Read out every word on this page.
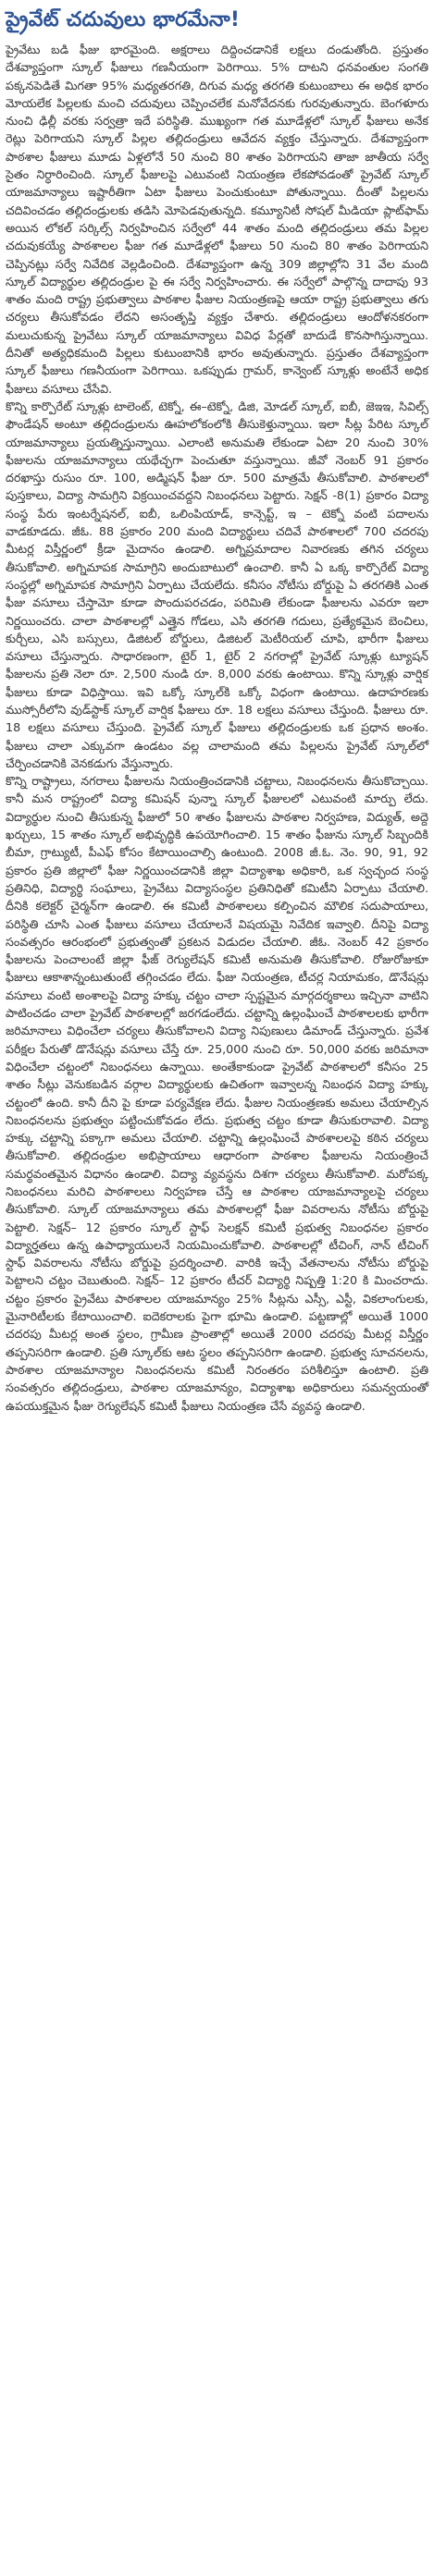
ప్రైవేట్ చదువులు భారమేనా!

ప్రైవేటు బడి ఫీజు భారమైంది. అక్షరాలు దిద్దించడానికే లక్షలు దండుతోంది. ప్రస్తుతం దేశవ్యాప్తంగా స్కూల్ ఫీజులు గణనీయంగా పెరిగాయి. 5% దాటని ధనవంతుల సంగతి పక్కనపెడితే మిగతా 95% మధ్యతరగతి, దిగువ మధ్య తరగతి కుటుంబాలు ఈ అధిక భారం మోయలేక పిల్లలకు మంచి చదువులు చెప్పించలేక మనోవేదనకు గురవుతున్నారు. బెంగళూరు నుంచి ఢిల్లీ వరకు సర్వత్రా ఇదే పరిస్థితి. ముఖ్యంగా గత మూడేళ్లలో స్కూల్ ఫీజులు అనేక రెట్లు పెరిగాయని స్కూల్ పిల్లల తల్లిదండ్రులు ఆవేదన వ్యక్తం చేస్తున్నారు. దేశవ్యాప్తంగా పాఠశాల ఫీజులు మూడు ఏళ్లలోనే 50 నుంచి 80 శాతం పెరిగాయని తాజా జాతీయ సర్వే సైతం నిర్ధారించింది. స్కూల్ ఫీజులపై ఎటువంటి నియంత్రణ లేకపోవడంతో ప్రైవేట్ స్కూల్ యాజమాన్యాలు ఇష్టారీతిగా ఏటా ఫీజులు పెంచుకుంటూ పోతున్నాయి. దీంతో పిల్లలను చదివించడం తల్లిదండ్రులకు తడిసి మోపెడవుతున్నది. కమ్యూనిటీ సోషల్ మీడియా ప్లాట్‌ఫామ్ అయిన లోకల్ సర్కిల్స్ నిర్వహించిన సర్వేలో 44 శాతం మంది తల్లిదండ్రులు తమ పిల్లల చదువుకయ్యే పాఠశాలల ఫీజు గత మూడేళ్లలో ఫీజులు 50 నుంచి 80 శాతం పెరిగాయని చెప్పినట్లు సర్వే నివేదిక వెల్లడించింది. దేశవ్యాప్తంగా ఉన్న 309 జిల్లాల్లోని 31 వేల మంది స్కూల్ విద్యార్థుల తల్లిదండ్రుల పై ఈ సర్వే నిర్వహించారు. ఈ సర్వేలో పాల్గొన్న దాదాపు 93 శాతం మంది రాష్ట్ర ప్రభుత్వాలు పాఠశాల ఫీజుల నియంత్రణపై ఆయా రాష్ట్ర ప్రభుత్వాలు తగు చర్యలు తీసుకోవడం లేదని అసంతృప్తి వ్యక్తం చేశారు. తల్లిదండ్రులు ఆందోళనకరంగా మలుచుకున్న ప్రైవేటు స్కూల్ యాజమాన్యాలు వివిధ పేర్లతో బాదుడే కొనసాగిస్తున్నాయి. దీనితో అత్యధికమంది పిల్లలు కుటుంబానికి భారం అవుతున్నారు. ప్రస్తుతం దేశవ్యాప్తంగా స్కూల్ ఫీజులు గణనీయంగా పెరిగాయి. ఒకప్పుడు గ్రామర్, కాన్వెంట్ స్కూళ్లు అంటేనే అధిక ఫీజులు వసూలు చేసేవి.

కొన్ని కార్పొరేట్ స్కూళ్లు టాలెంట్, టెక్నో, ఈ–టెక్నో, డిజి, మోడల్ స్కూల్, ఐబీ, జెఇఇ, సివిల్స్ ఫౌండేషన్ అంటూ తల్లిదండ్రులను ఊహలోకంలోకి తీసుకెళ్తున్నాయి. ఇలా సీట్ల పేరిట స్కూల్ యాజమాన్యాలు ప్రయత్నిస్తున్నాయి. ఎలాంటి అనుమతి లేకుండా ఏటా 20 నుంచి 30% ఫీజులను యాజమాన్యాలు యథేచ్ఛగా పెంచుతూ వస్తున్నాయి. జీవో నెంబర్ 91 ప్రకారం దరఖాస్తు రుసుం రూ. 100, అడ్మిషన్ ఫీజు రూ. 500 మాత్రమే తీసుకోవాలి. పాఠశాలలో పుస్తకాలు, విద్యా సామగ్రిని విక్రయించవద్దని నిబంధనలు పెట్టారు. సెక్షన్ -8(1) ప్రకారం విద్యా సంస్థ పేరు ఇంటర్నేషనల్, ఐబీ, ఒలింపియాడ్, కాన్సెప్ట్, ఇ – టెక్నో వంటి పదాలను వాడకూడదు. జీఓ. 88 ప్రకారం 200 మంది విద్యార్థులు చదివే పాఠశాలలో 700 చదరపు మీటర్ల విస్తీర్ణంలో క్రీడా మైదానం ఉండాలి. అగ్నిప్రమాదాల నివారణకు తగిన చర్యలు తీసుకోవాలి. అగ్నిమాపక సామాగ్రిని అందుబాటులో ఉంచాలి. కానీ ఏ ఒక్క కార్పొరేట్ విద్యా సంస్థల్లో అగ్నిమాపక సామాగ్రిని ఏర్పాటు చేయలేదు. కనీసం నోటీసు బోర్డుపై ఏ తరగతికి ఎంత ఫీజు వసూలు చేస్తామో కూడా పొందుపరచడం, పరిమితి లేకుండా ఫీజులను ఎవరూ ఇలా నిర్ణయించరు. చాలా పాఠశాలల్లో ఎత్తైన గోడలు, ఎసి తరగతి గదులు, ప్రత్యేకమైన బెంచిలు, కుర్చీలు, ఎసి బస్సులు, డిజిటల్ బోర్డులు, డిజిటల్ మెటీరియల్ చూపి, భారీగా ఫీజులు వసూలు చేస్తున్నారు. సాధారణంగా, టైర్ 1, టైర్ 2 నగరాల్లో ప్రైవేట్ స్కూళ్లు ట్యూషన్ ఫీజులను ప్రతి నెలా రూ. 2,500 నుండి రూ. 8,000 వరకు ఉంటాయి. కొన్ని స్కూళ్లు వార్షిక ఫీజులు కూడా విధిస్తాయి. ఇవి ఒక్కో స్కూల్‌కి ఒక్కో విధంగా ఉంటాయి. ఉదాహరణకు ముస్సోరీలోని వుడ్‌స్టాక్ స్కూల్ వార్షిక ఫీజులు రూ. 18 లక్షలు వసూలు చేస్తుంది. ఫీజులు రూ. 18 లక్షలు వసూలు చేస్తుంది. ప్రైవేట్ స్కూల్ ఫీజులు తల్లిదండ్రులకు ఒక ప్రధాన అంశం. ఫీజులు చాలా ఎక్కువగా ఉండటం వల్ల చాలామంది తమ పిల్లలను ప్రైవేట్ స్కూల్‌లో చేర్పించడానికి వెనకడుగు వేస్తున్నారు.

కొన్ని రాష్ట్రాలు, నగరాలు ఫీజులను నియంత్రించడానికి చట్టాలు, నిబంధనలను తీసుకొచ్చాయి. కానీ మన రాష్ట్రంలో విద్యా కమిషన్ పున్నా స్కూల్ ఫీజులలో ఎటువంటి మార్పు లేదు. విద్యార్థుల నుంచి తీసుకున్న ఫీజులో 50 శాతం ఫీజులను పాఠశాల నిర్వహణ, విద్యుత్, అద్దె ఖర్చులు, 15 శాతం స్కూల్ అభివృద్ధికి ఉపయోగించాలి. 15 శాతం ఫీజును స్కూల్ సిబ్బందికి బీమా, గ్రాట్యుటీ, పీఎఫ్ కోసం కేటాయించాల్సి ఉంటుంది. 2008 జీ.ఓ. నెం. 90, 91, 92 ప్రకారం ప్రతి జిల్లాలో ఫీజు నిర్ణయించడానికి జిల్లా విద్యాశాఖ అధికారి, ఒక స్వచ్ఛంద సంస్థ ప్రతినిధి, విద్యార్థి సంఘాలు, ప్రైవేటు విద్యాసంస్థల ప్రతినిధితో కమిటీని ఏర్పాటు చేయాలి. దీనికి కలెక్టర్ చైర్మన్‌గా ఉండాలి. ఈ కమిటీ పాఠశాలలు కల్పించిన మౌలిక సదుపాయాలు, పరిస్థితి చూసి ఎంత ఫీజులు వసూలు చేయాలనే విషయమై నివేదిక ఇవ్వాలి. దీనిపై విద్యా సంవత్సరం ఆరంభంలో ప్రభుత్వంతో ప్రకటన విడుదల చేయాలి. జీఓ. నెంబర్ 42 ప్రకారం ఫీజులను పెంచాలంటే జిల్లా ఫీజ్ రెగ్యులేషన్ కమిటీ అనుమతి తీసుకోవాలి. రోజురోజుకూ ఫీజులు ఆకాశాన్నంటుతుంటే తగ్గించడం లేదు. ఫీజు నియంత్రణ, టీచర్ల నియామకం, డొనేషన్లు వసూలు వంటి అంశాలపై విద్యా హక్కు చట్టం చాలా స్పష్టమైన మార్గదర్శకాలు ఇచ్చినా వాటిని పాటించడం చాలా ప్రైవేట్ పాఠశాలల్లో జరగడంలేదు. చట్టాన్ని ఉల్లంఘించే పాఠశాలలకు భారీగా జరిమానాలు విధించేలా చర్యలు తీసుకోవాలని విద్యా నిపుణులు డిమాండ్ చేస్తున్నారు. ప్రవేశ పరీక్షల పేరుతో డొనేషన్లు వసూలు చేస్తే రూ. 25,000 నుంచి రూ. 50,000 వరకు జరిమానా విధించేలా చట్టంలో నిబంధనలు ఉన్నాయి. అంతేకాకుండా ప్రైవేట్ పాఠశాలలో కనీసం 25 శాతం సీట్లు వెనుకబడిన వర్గాల విద్యార్థులకు ఉచితంగా ఇవ్వాలన్న నిబంధన విద్యా హక్కు చట్టంలో ఉంది. కానీ దీని పై కూడా పర్యవేక్షణ లేదు. ఫీజుల నియంత్రణకు అమలు చేయాల్సిన నిబంధనలను ప్రభుత్వం పట్టించుకోవడం లేదు. ప్రభుత్వ చట్టం కూడా తీసుకురావాలి. విద్యా హక్కు చట్టాన్ని పక్కాగా అమలు చేయాలి. చట్టాన్ని ఉల్లంఘించే పాఠశాలలపై కఠిన చర్యలు తీసుకోవాలి. తల్లిదండ్రుల అభిప్రాయాలు ఆధారంగా పాఠశాల ఫీజులను నియంత్రించే సమర్థవంతమైన విధానం ఉండాలి. విద్యా వ్యవస్థను దిశగా చర్యలు తీసుకోవాలి. మరోపక్క నిబంధనలు మరిచి పాఠశాలలు నిర్వహణ చేస్తే ఆ పాఠశాల యాజమాన్యాలపై చర్యలు తీసుకోవాలి. స్కూల్ యాజమాన్యాలు తమ పాఠశాలల్లో ఫీజు వివరాలను నోటీసు బోర్డుపై పెట్టాలి. సెక్షన్– 12 ప్రకారం స్కూల్ స్టాఫ్ సెలక్షన్ కమిటీ ప్రభుత్వ నిబంధనల ప్రకారం విద్యార్హతలు ఉన్న ఉపాధ్యాయులనే నియమించుకోవాలి. పాఠశాలల్లో టీచింగ్, నాన్ టీచింగ్ స్టాఫ్ వివరాలను నోటీసు బోర్డుపై ప్రదర్శించాలి. వారికి ఇచ్చే వేతనాలను నోటీసు బోర్డుపై పెట్టాలని చట్టం చెబుతుంది. సెక్షన్– 12 ప్రకారం టీచర్ విద్యార్థి నిష్పత్తి 1:20 కి మించరాదు. చట్టం ప్రకారం ప్రైవేటు పాఠశాలల యాజమాన్యం 25% సీట్లను ఎస్సీ, ఎస్టీ, వికలాంగులకు, మైనారిటీలకు కేటాయించాలి. ఐదెకరాలకు పైగా భూమి ఉండాలి. పట్టణాల్లో అయితే 1000 చదరపు మీటర్ల అంత స్థలం, గ్రామీణ ప్రాంతాల్లో అయితే 2000 చదరపు మీటర్ల విస్తీర్ణం తప్పనిసరిగా ఉండాలి. ప్రతి స్కూల్‌కు ఆట స్థలం తప్పనిసరిగా ఉండాలి. ప్రభుత్వ సూచనలను, పాఠశాల యాజమాన్యాల నిబంధనలను కమిటీ నిరంతరం పరిశీలిస్తూ ఉంటాలి. ప్రతి సంవత్సరం తల్లిదండ్రులు, పాఠశాల యాజమాన్యం, విద్యాశాఖ అధికారులు సమన్వయంతో ఉపయుక్తమైన ఫీజు రెగ్యులేషన్ కమిటీ ఫీజులు నియంత్రణ చేసే వ్యవస్థ ఉండాలి.
